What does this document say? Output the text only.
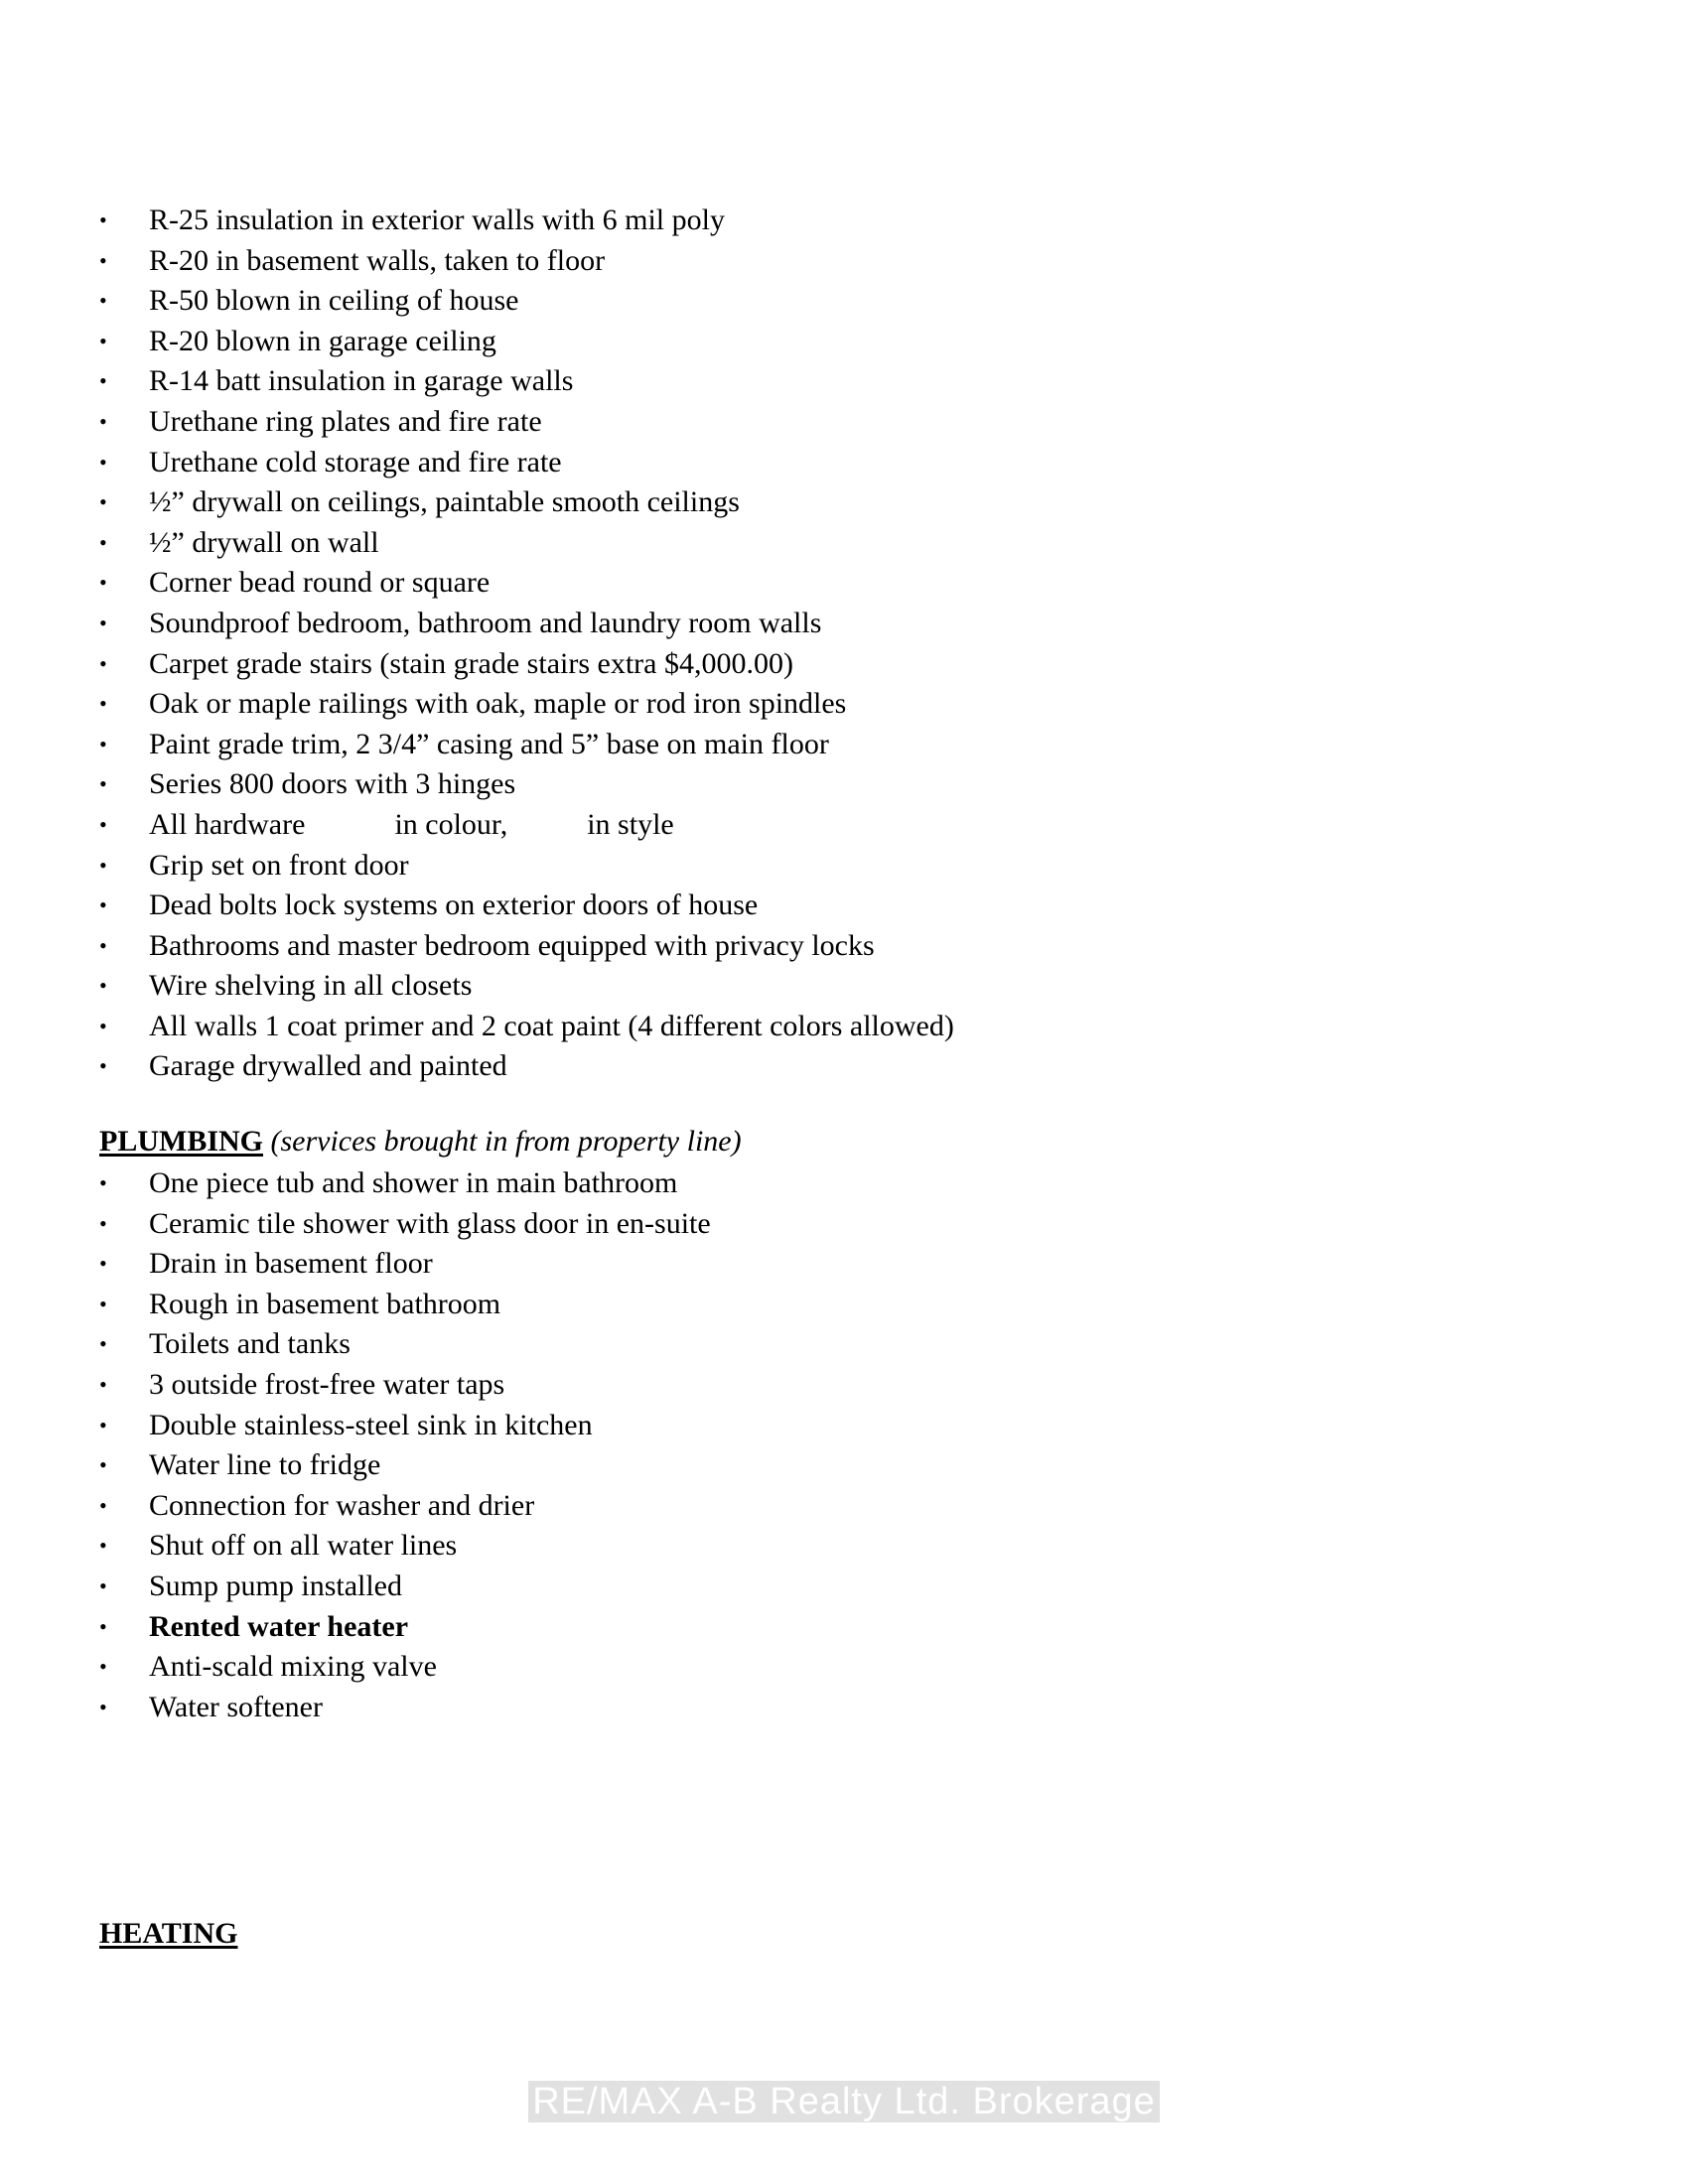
•	R-25 insulation in exterior walls with 6 mil poly
•	R-20 in basement walls, taken to floor
•	R-50 blown in ceiling of house
•	R-20 blown in garage ceiling
•	R-14 batt insulation in garage walls
•	Urethane ring plates and fire rate
•	Urethane cold storage and fire rate
•	½” drywall on ceilings, paintable smooth ceilings
•	½” drywall on wall
•	Corner bead round or square
•	Soundproof bedroom, bathroom and laundry room walls
•	Carpet grade stairs (stain grade stairs extra $4,000.00)
•	Oak or maple railings with oak, maple or rod iron spindles
•	Paint grade trim, 2 3/4” casing and 5” base on main floor
•	Series 800 doors with 3 hinges
•	All hardware	in colour,	in style
•	Grip set on front door
•	Dead bolts lock systems on exterior doors of house
•	Bathrooms and master bedroom equipped with privacy locks
•	Wire shelving in all closets
•	All walls 1 coat primer and 2 coat paint (4 different colors allowed)
•	Garage drywalled and painted
PLUMBING (services brought in from property line)
•	One piece tub and shower in main bathroom
•	Ceramic tile shower with glass door in en-suite
•	Drain in basement floor
•	Rough in basement bathroom
•	Toilets and tanks
•	3 outside frost-free water taps
•	Double stainless-steel sink in kitchen
•	Water line to fridge
•	Connection for washer and drier
•	Shut off on all water lines
•	Sump pump installed
•	Rented water heater
•	Anti-scald mixing valve
•	Water softener
HEATING
RE/MAX A-B Realty Ltd. Brokerage
